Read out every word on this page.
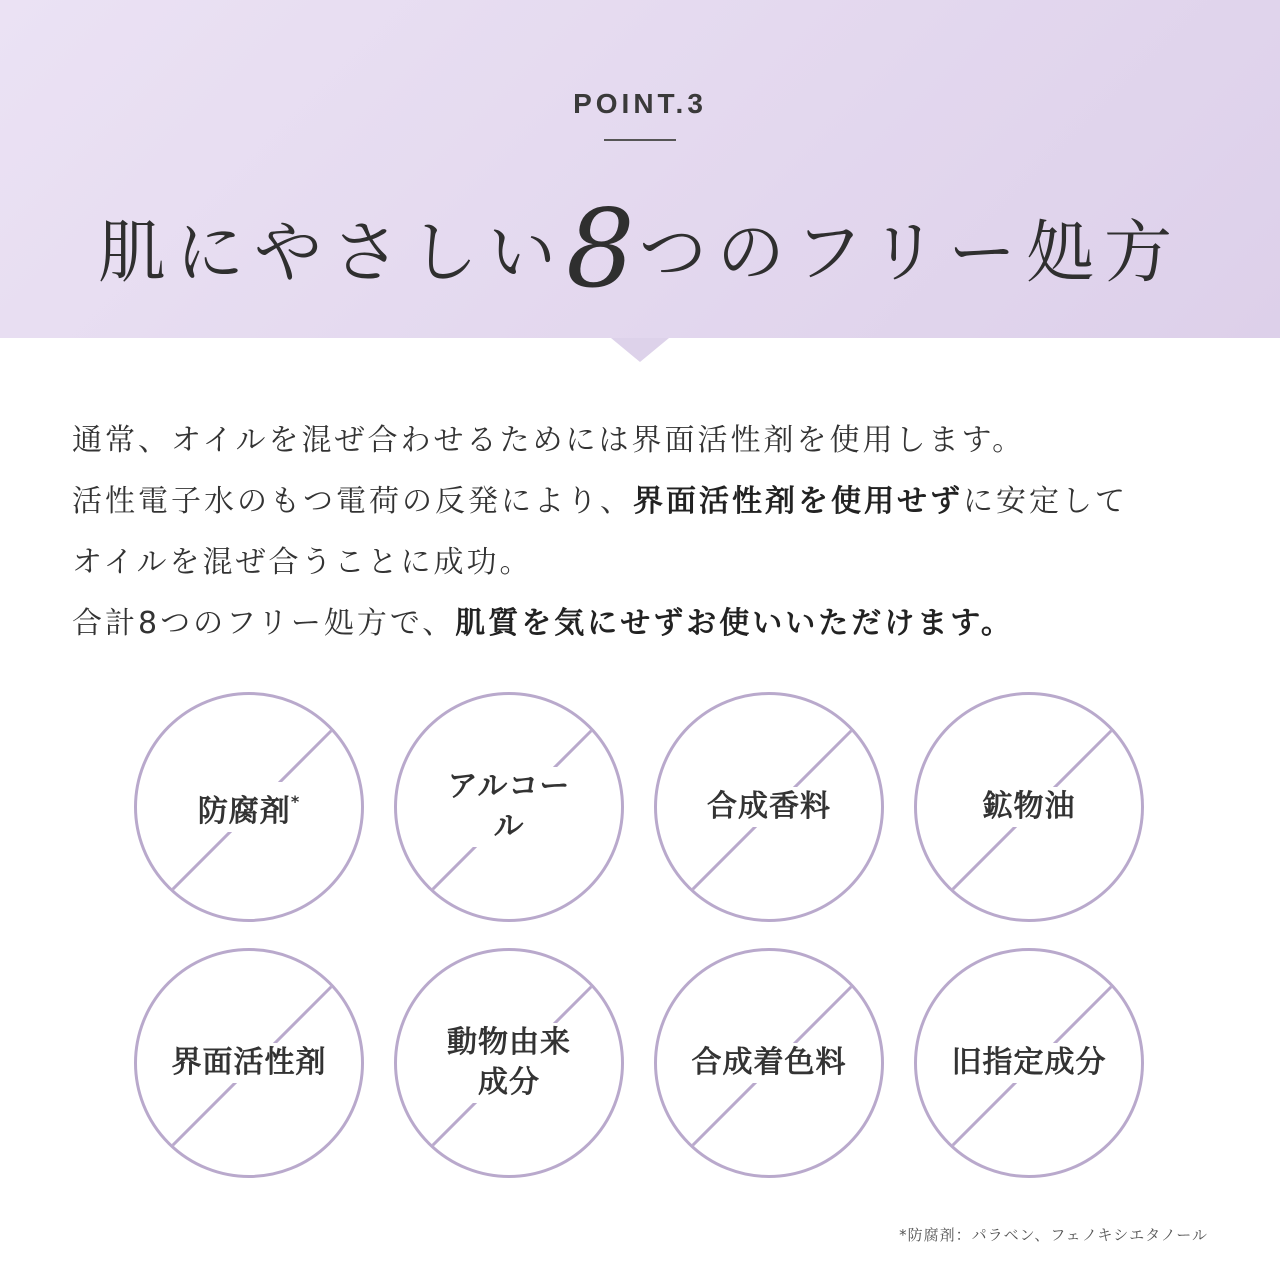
POINT.3
肌にやさしい8つのフリー処方

通常、オイルを混ぜ合わせるためには界面活性剤を使用します。

活性電子水のもつ電荷の反発により、界面活性剤を使用せずに安定して

オイルを混ぜ合うことに成功。

合計8つのフリー処方で、肌質を気にせずお使いいただけます。

防腐剤*	アルコール
合成香料	鉱物油
界面活性剤
動物由来成分
合成着色料	旧指定成分
*防腐剤：パラベン、フェノキシエタノール
